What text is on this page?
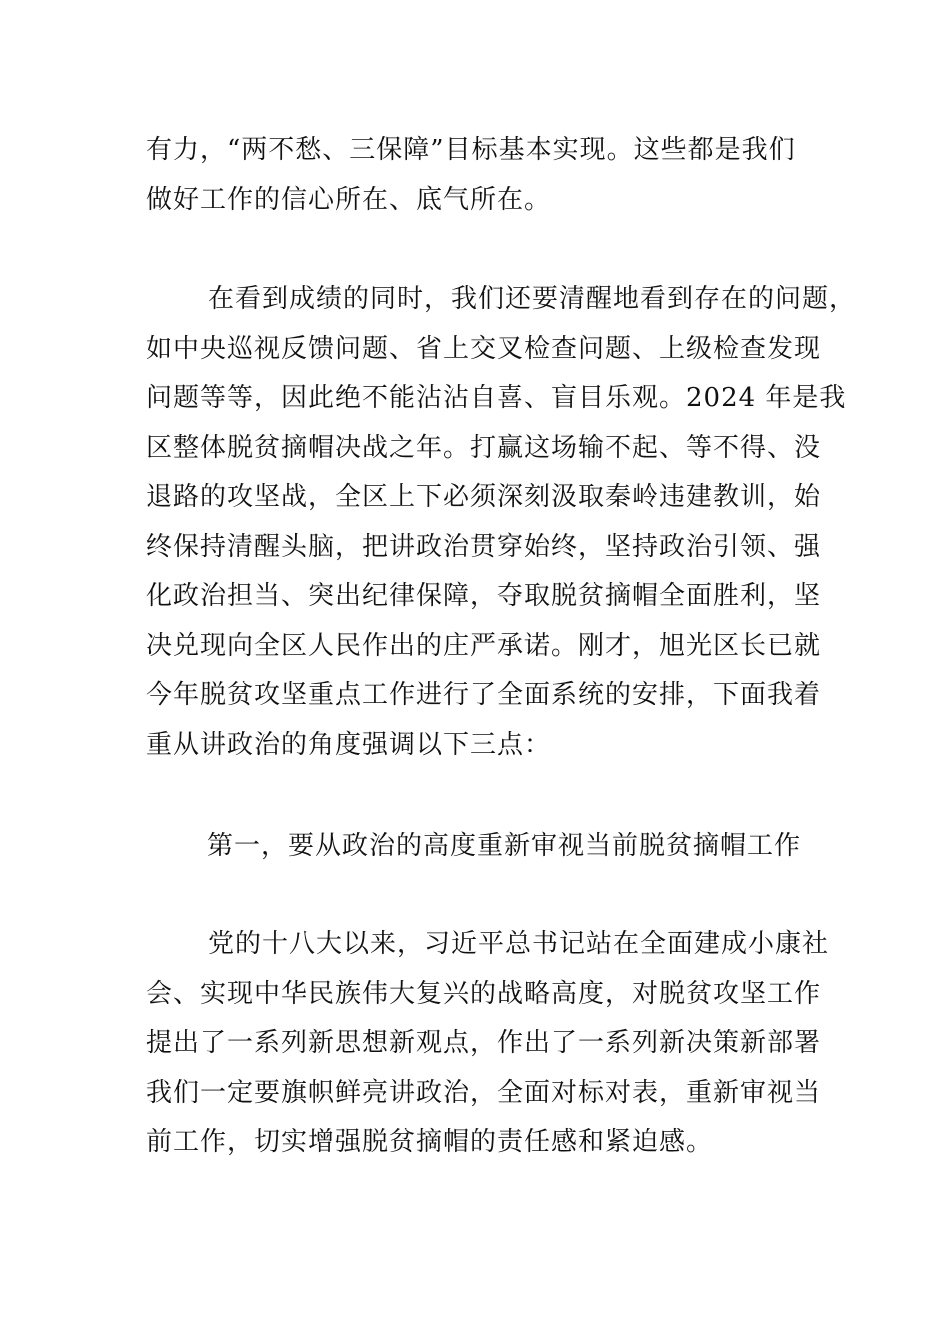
有力，“两不愁、三保障”目标基本实现。这些都是我们
做好工作的信心所在、底气所在。
在看到成绩的同时，我们还要清醒地看到存在的问题，
如中央巡视反馈问题、省上交叉检查问题、上级检查发现
问题等等，因此绝不能沾沾自喜、盲目乐观。2024 年是我
区整体脱贫摘帽决战之年。打赢这场输不起、等不得、没
退路的攻坚战，全区上下必须深刻汲取秦岭违建教训，始
终保持清醒头脑，把讲政治贯穿始终，坚持政治引领、强
化政治担当、突出纪律保障，夺取脱贫摘帽全面胜利，坚
决兑现向全区人民作出的庄严承诺。刚才，旭光区长已就
今年脱贫攻坚重点工作进行了全面系统的安排，下面我着
重从讲政治的角度强调以下三点：
第一，要从政治的高度重新审视当前脱贫摘帽工作
党的十八大以来，习近平总书记站在全面建成小康社
会、实现中华民族伟大复兴的战略高度，对脱贫攻坚工作
提出了一系列新思想新观点，作出了一系列新决策新部署
我们一定要旗帜鲜亮讲政治，全面对标对表，重新审视当
前工作，切实增强脱贫摘帽的责任感和紧迫感。
